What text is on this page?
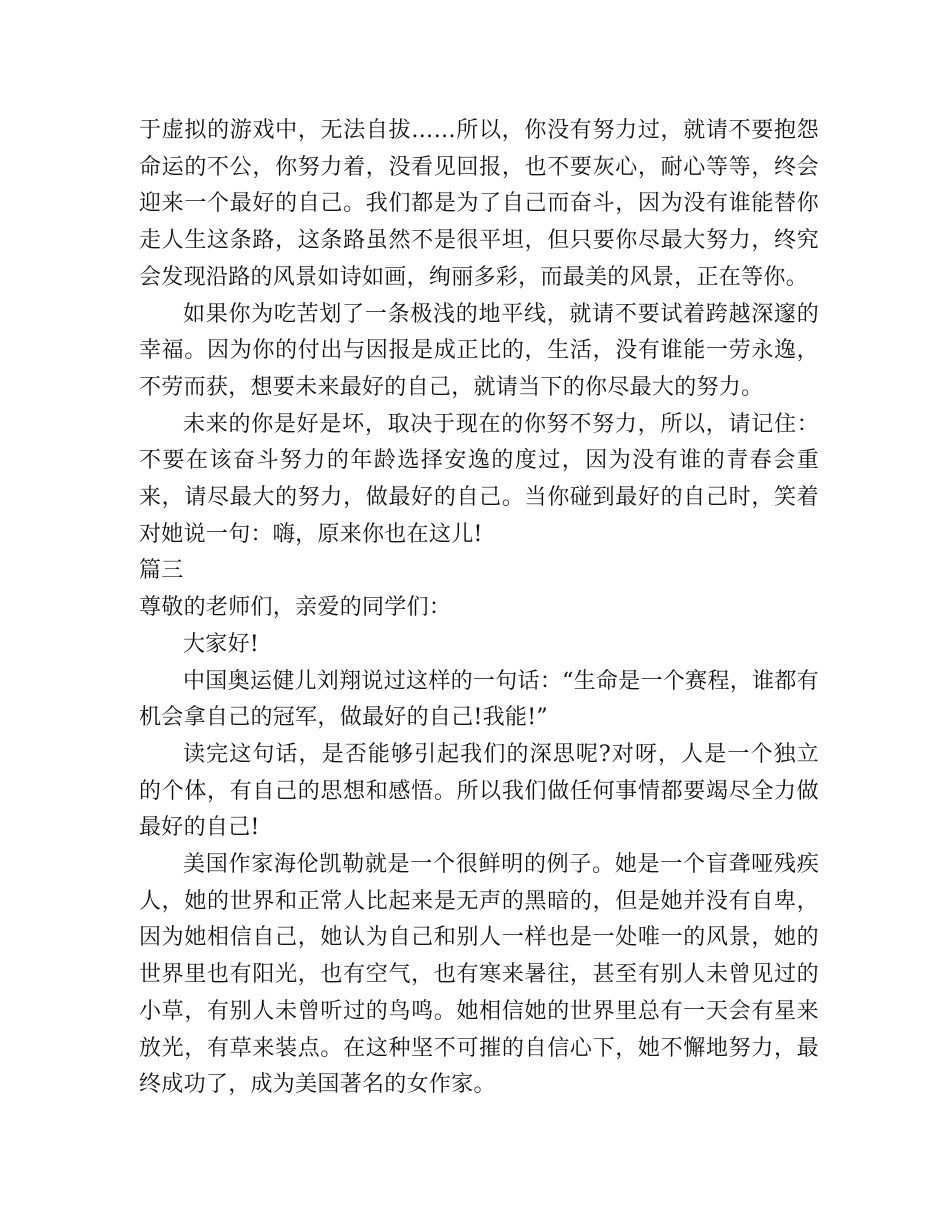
于虚拟的游戏中，无法自拔……所以，你没有努力过，就请不要抱怨命运的不公，你努力着，没看见回报，也不要灰心，耐心等等，终会迎来一个最好的自己。我们都是为了自己而奋斗，因为没有谁能替你走人生这条路，这条路虽然不是很平坦，但只要你尽最大努力，终究会发现沿路的风景如诗如画，绚丽多彩，而最美的风景，正在等你。

如果你为吃苦划了一条极浅的地平线，就请不要试着跨越深邃的幸福。因为你的付出与因报是成正比的，生活，没有谁能一劳永逸，不劳而获，想要未来最好的自己，就请当下的你尽最大的努力。

未来的你是好是坏，取决于现在的你努不努力，所以，请记住：不要在该奋斗努力的年龄选择安逸的度过，因为没有谁的青春会重来，请尽最大的努力，做最好的自己。当你碰到最好的自己时，笑着对她说一句：嗨，原来你也在这儿!

篇三

尊敬的老师们，亲爱的同学们：

大家好!

中国奥运健儿刘翔说过这样的一句话：“生命是一个赛程，谁都有机会拿自己的冠军，做最好的自己!我能!”

读完这句话，是否能够引起我们的深思呢?对呀，人是一个独立的个体，有自己的思想和感悟。所以我们做任何事情都要竭尽全力做最好的自己!

美国作家海伦凯勒就是一个很鲜明的例子。她是一个盲聋哑残疾人，她的世界和正常人比起来是无声的黑暗的，但是她并没有自卑，因为她相信自己，她认为自己和别人一样也是一处唯一的风景，她的世界里也有阳光，也有空气，也有寒来暑往，甚至有别人未曾见过的小草，有别人未曾听过的鸟鸣。她相信她的世界里总有一天会有星来放光，有草来装点。在这种坚不可摧的自信心下，她不懈地努力，最终成功了，成为美国著名的女作家。
